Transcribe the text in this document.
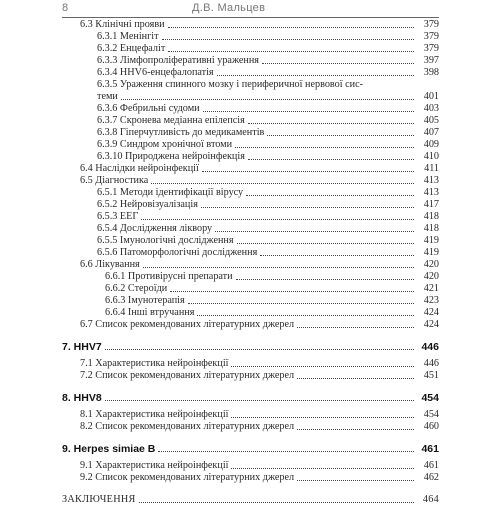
8	Д.В. Мальцев
6.3 Клінічні прояви	379
6.3.1 Менінгіт	379
6.3.2 Енцефаліт	379
6.3.3 Лімфопроліферативні ураження	397
6.3.4 HHV6-енцефалопатія	398
6.3.5 Ураження спинного мозку і периферичної нервової сис-
теми	401
6.3.6 Фебрильні судоми	403
6.3.7 Скронева медіанна епілепсія	405
6.3.8 Гіперчутливість до медикаментів	407
6.3.9 Синдром хронічної втоми	409
6.3.10 Природжена нейроінфекція	410
6.4 Наслідки нейроінфекції	411
6.5 Діагностика	413
6.5.1 Методи ідентифікації вірусу	413
6.5.2 Нейровізуалізація	417
6.5.3 ЕЕГ	418
6.5.4 Дослідження ліквору	418
6.5.5 Імунологічні дослідження	419
6.5.6 Патоморфологічні дослідження	419
6.6 Лікування	420
6.6.1 Противірусні препарати	420
6.6.2 Стероїди	421
6.6.3 Імунотерапія	423
6.6.4 Інші втручання	424
6.7 Список рекомендованих літературних джерел	424
7. HHV7	446
7.1 Характеристика нейроінфекції	446
7.2 Список рекомендованих літературних джерел	451
8. HHV8	454
8.1 Характеристика нейроінфекції	454
8.2 Список рекомендованих літературних джерел	460
9. Herpes simiae B	461
9.1 Характеристика нейроінфекції	461
9.2 Список рекомендованих літературних джерел	462
ЗАКЛЮЧЕННЯ	464
